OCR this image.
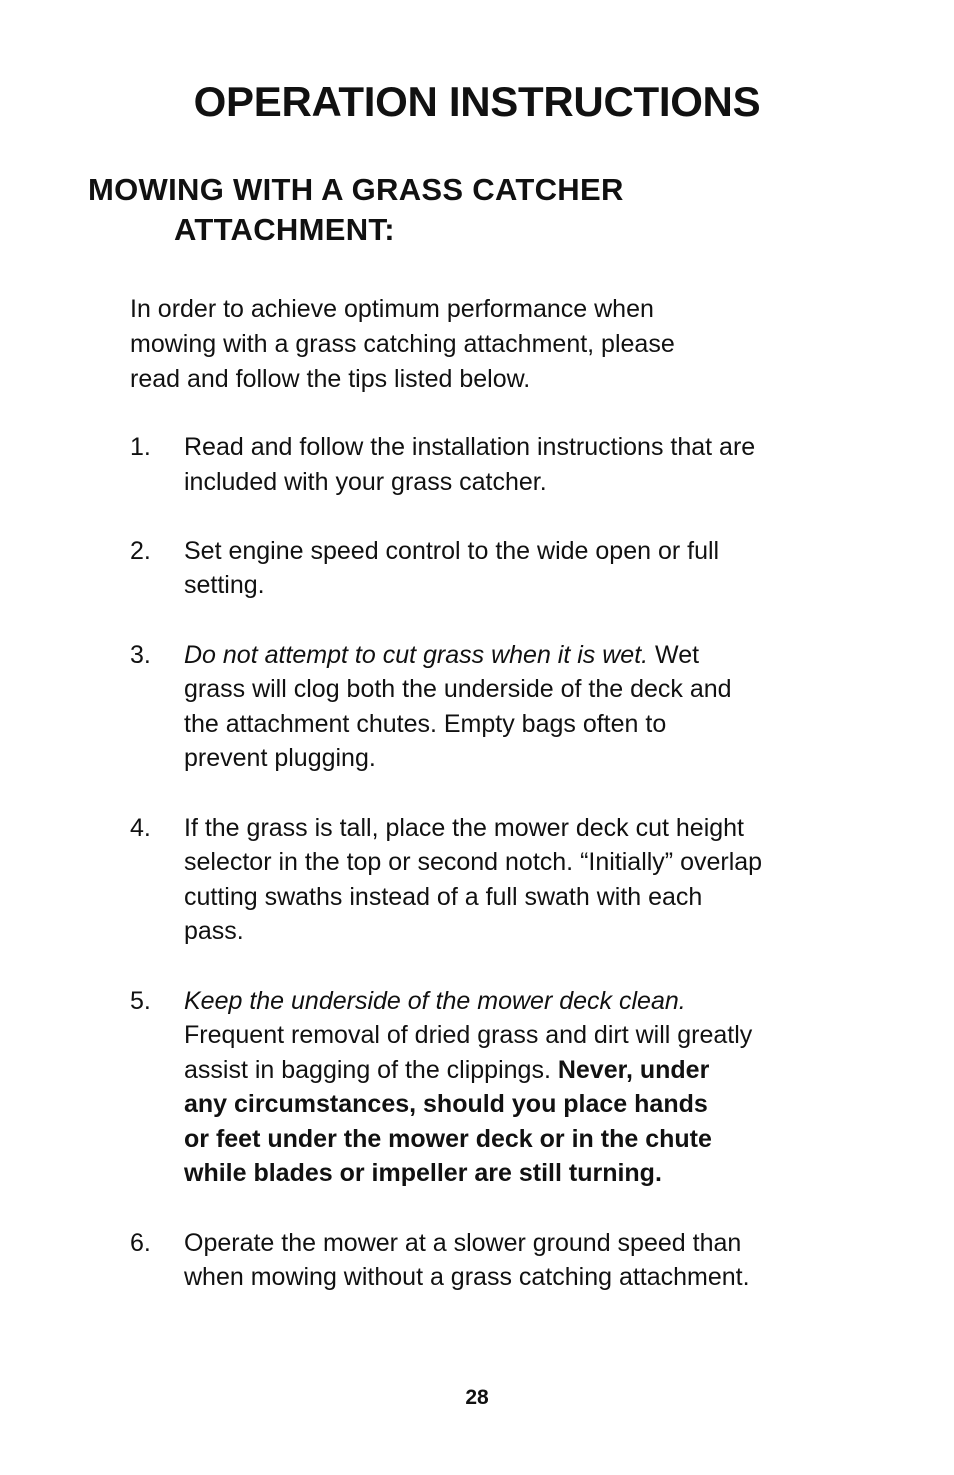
OPERATION INSTRUCTIONS
MOWING WITH A GRASS CATCHER

ATTACHMENT:

In order to achieve optimum performance when
mowing with a grass catching attachment, please
read and follow the tips listed below.

1. Read and follow the installation instructions that are
included with your grass catcher.
2. Set engine speed control to the wide open or full
setting.
3. Do not attempt to cut grass when it is wet. Wet
grass will clog both the underside of the deck and
the attachment chutes. Empty bags often to
prevent plugging.
4. If the grass is tall, place the mower deck cut height
selector in the top or second notch. “Initially” overlap
cutting swaths instead of a full swath with each
pass.
5. Keep the underside of the mower deck clean.
Frequent removal of dried grass and dirt will greatly
assist in bagging of the clippings. Never, under
any circumstances, should you place hands
or feet under the mower deck or in the chute
while blades or impeller are still turning.
6. Operate the mower at a slower ground speed than
when mowing without a grass catching attachment.

28
